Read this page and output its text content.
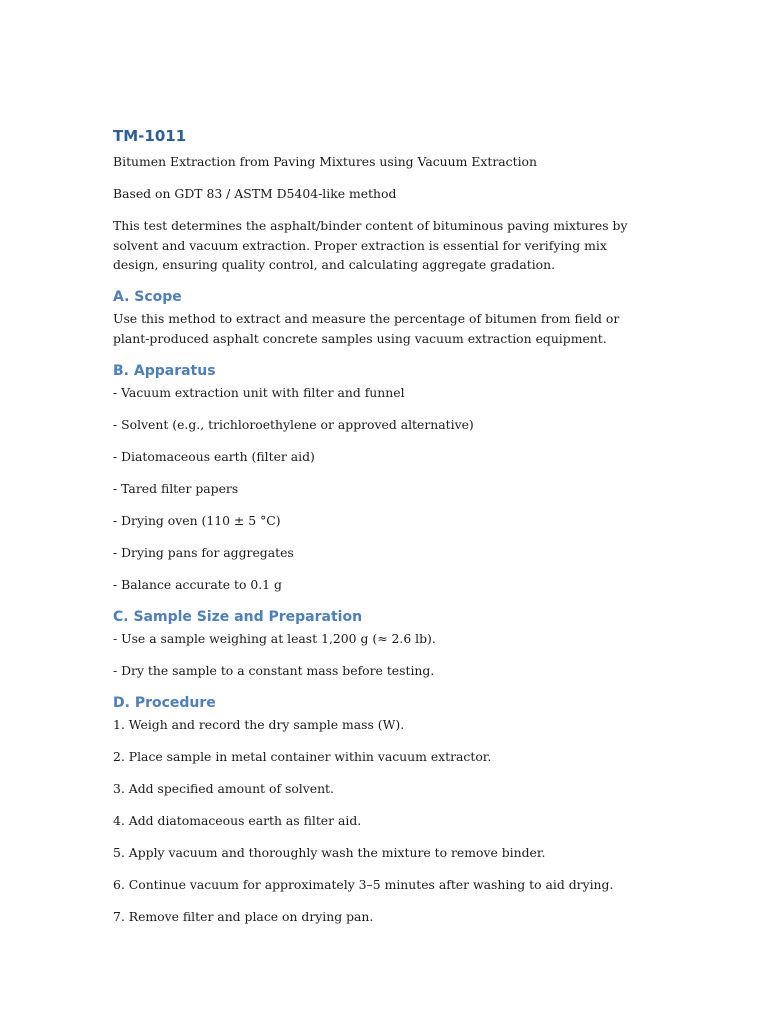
TM-1011

Bitumen Extraction from Paving Mixtures using Vacuum Extraction

Based on GDT 83 / ASTM D5404-like method

This test determines the asphalt/binder content of bituminous paving mixtures by solvent and vacuum extraction. Proper extraction is essential for verifying mix design, ensuring quality control, and calculating aggregate gradation.

A. Scope

Use this method to extract and measure the percentage of bitumen from field or plant-produced asphalt concrete samples using vacuum extraction equipment.

B. Apparatus

- Vacuum extraction unit with filter and funnel

- Solvent (e.g., trichloroethylene or approved alternative)

- Diatomaceous earth (filter aid)

- Tared filter papers

- Drying oven (110 ± 5 °C)

- Drying pans for aggregates

- Balance accurate to 0.1 g

C. Sample Size and Preparation

- Use a sample weighing at least 1,200 g (≈ 2.6 lb).

- Dry the sample to a constant mass before testing.

D. Procedure

1. Weigh and record the dry sample mass (W).

2. Place sample in metal container within vacuum extractor.

3. Add specified amount of solvent.

4. Add diatomaceous earth as filter aid.

5. Apply vacuum and thoroughly wash the mixture to remove binder.

6. Continue vacuum for approximately 3–5 minutes after washing to aid drying.

7. Remove filter and place on drying pan.
